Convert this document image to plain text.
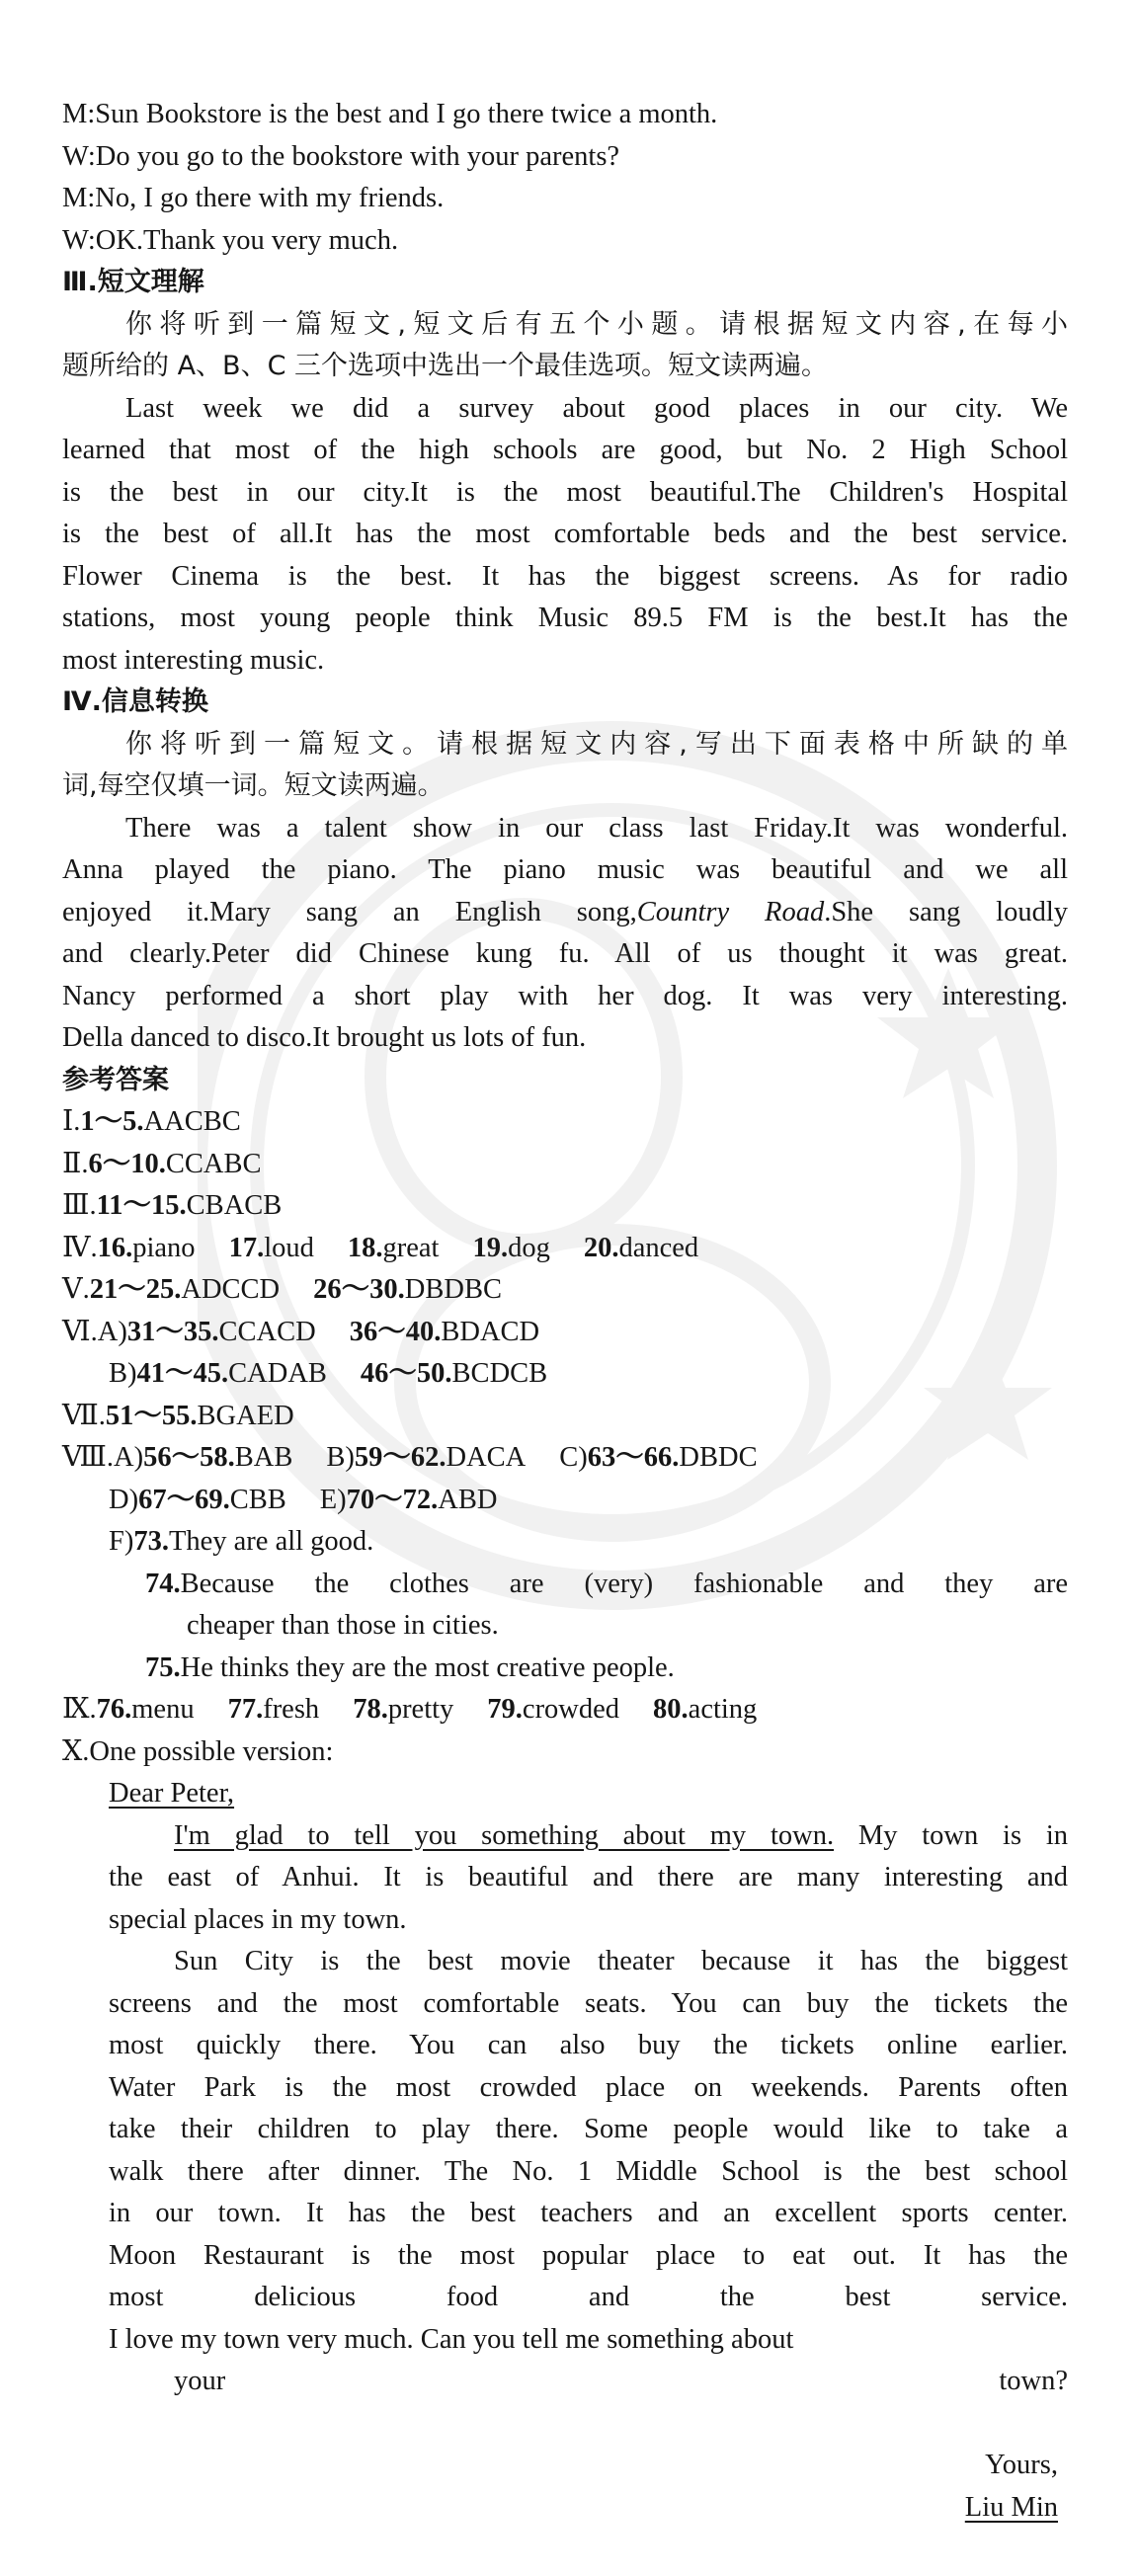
M:Sun Bookstore is the best and I go there twice a month.
W:Do you go to the bookstore with your parents?
M:No, I go there with my friends.
W:OK.Thank you very much.
Ⅲ.短文理解
你将听到一篇短文,短文后有五个小题。请根据短文内容,在每小
题所给的 A、B、C 三个选项中选出一个最佳选项。短文读两遍。
Last week we did a survey about good places in our city. We
learned that most of the high schools are good, but No. 2 High School
is the best in our city.It is the most beautiful.The Children's Hospital
is the best of all.It has the most comfortable beds and the best service.
Flower Cinema is the best. It has the biggest screens. As for radio
stations, most young people think Music 89.5 FM is the best.It has the
most interesting music.
Ⅳ.信息转换
你将听到一篇短文。请根据短文内容,写出下面表格中所缺的单
词,每空仅填一词。短文读两遍。
There was a talent show in our class last Friday.It was wonderful.
Anna played the piano. The piano music was beautiful and we all
enjoyed it.Mary sang an English song,Country Road.She sang loudly
and clearly.Peter did Chinese kung fu. All of us thought it was great.
Nancy performed a short play with her dog. It was very interesting.
Della danced to disco.It brought us lots of fun.
参考答案
Ⅰ.1～5.AACBC
Ⅱ.6～10.CCABC
Ⅲ.11～15.CBACB
Ⅳ.16.piano 17.loud 18.great 19.dog 20.danced
Ⅴ.21～25.ADCCD 26～30.DBDBC
Ⅵ.A)31～35.CCACD 36～40.BDACD
B)41～45.CADAB 46～50.BCDCB
Ⅶ.51～55.BGAED
Ⅷ.A)56～58.BAB B)59～62.DACA C)63～66.DBDC
D)67～69.CBB E)70～72.ABD
F)73.They are all good.
74.Because the clothes are (very) fashionable and they are
cheaper than those in cities.
75.He thinks they are the most creative people.
Ⅸ.76.menu 77.fresh 78.pretty 79.crowded 80.acting
Ⅹ.One possible version:
Dear Peter,
I'm glad to tell you something about my town. My town is in
the east of Anhui. It is beautiful and there are many interesting and
special places in my town.
Sun City is the best movie theater because it has the biggest
screens and the most comfortable seats. You can buy the tickets the
most quickly there. You can also buy the tickets online earlier.
Water Park is the most crowded place on weekends. Parents often
take their children to play there. Some people would like to take a
walk there after dinner. The No. 1 Middle School is the best school
in our town. It has the best teachers and an excellent sports center.
Moon Restaurant is the most popular place to eat out. It has the
most delicious food and the best service.
I love my town very much. Can you tell me something about
your town?
Yours,
Liu Min
